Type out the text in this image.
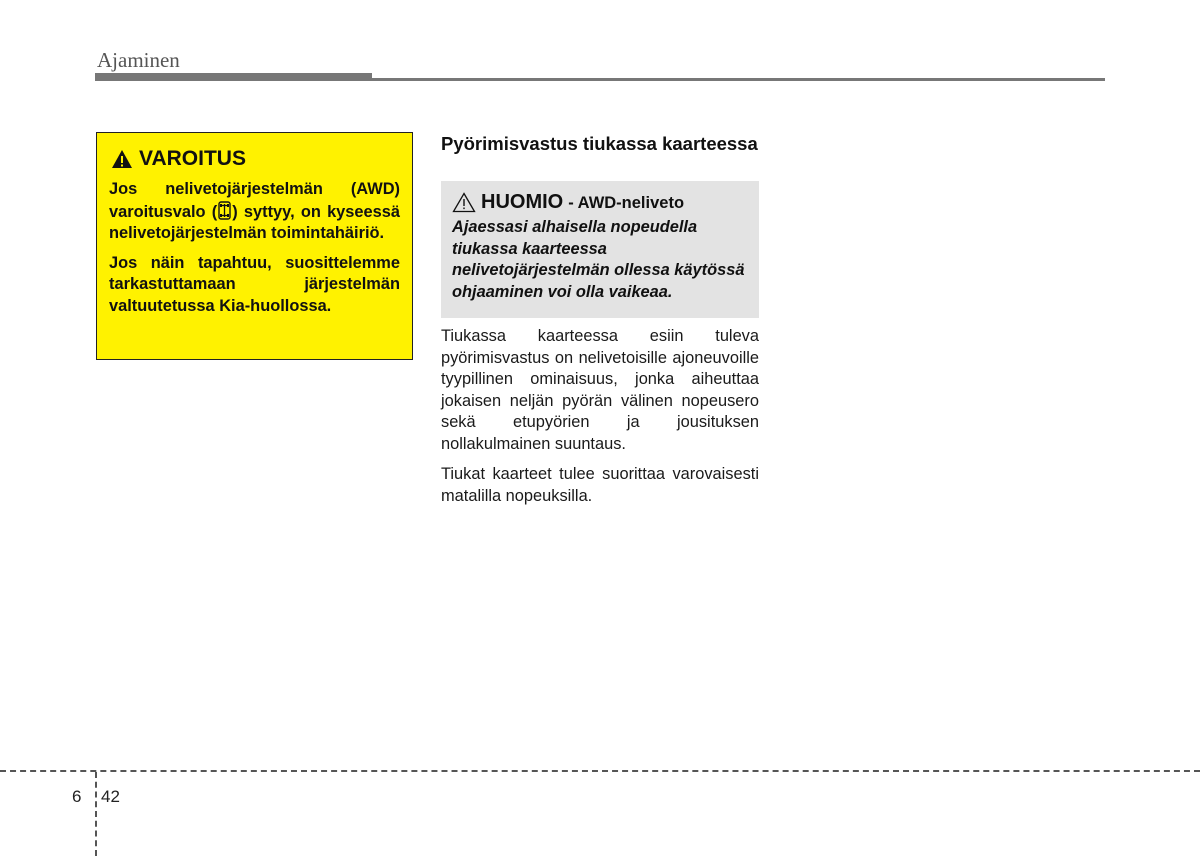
Ajaminen
VAROITUS

Jos nelivetojärjestelmän (AWD) varoitusvalo ( ) syttyy, on kyseessä nelivetojärjestelmän toimintahäiriö.

Jos näin tapahtuu, suosittelemme tarkastuttamaan järjestelmän valtuutetussa Kia-huollossa.

Pyörimisvastus tiukassa kaarteessa
HUOMIO - AWD-neliveto

Ajaessasi alhaisella nopeudella tiukassa kaarteessa nelivetojärjestelmän ollessa käytössä ohjaaminen voi olla vaikeaa.

Tiukassa kaarteessa esiin tuleva pyörimisvastus on nelivetoisille ajoneuvoille tyypillinen ominaisuus, jonka aiheuttaa jokaisen neljän pyörän välinen nopeusero sekä etupyörien ja jousituksen nollakulmainen suuntaus.

Tiukat kaarteet tulee suorittaa varovaisesti matalilla nopeuksilla.

6 42
